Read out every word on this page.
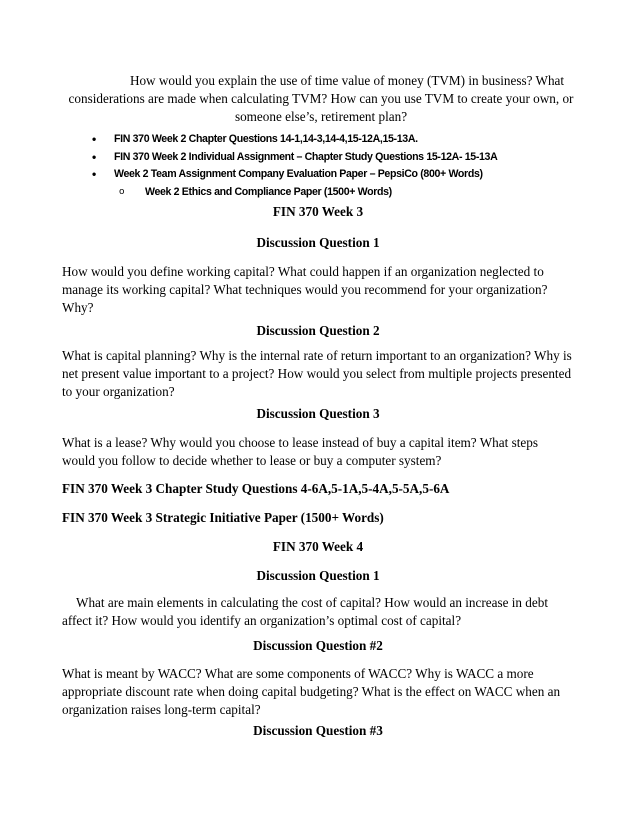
How would you explain the use of time value of money (TVM) in business? What considerations are made when calculating TVM? How can you use TVM to create your own, or someone else’s, retirement plan?

• FIN 370 Week 2 Chapter Questions 14-1,14-3,14-4,15-12A,15-13A.
• FIN 370 Week 2 Individual Assignment – Chapter Study Questions 15-12A- 15-13A
• Week 2 Team Assignment Company Evaluation Paper – PepsiCo (800+ Words)
o Week 2 Ethics and Compliance Paper (1500+ Words)

FIN 370 Week 3

Discussion Question 1

How would you define working capital? What could happen if an organization neglected to manage its working capital? What techniques would you recommend for your organization? Why?

Discussion Question 2

What is capital planning? Why is the internal rate of return important to an organization? Why is net present value important to a project? How would you select from multiple projects presented to your organization?

Discussion Question 3

What is a lease? Why would you choose to lease instead of buy a capital item? What steps would you follow to decide whether to lease or buy a computer system?

FIN 370 Week 3 Chapter Study Questions 4-6A,5-1A,5-4A,5-5A,5-6A

FIN 370 Week 3 Strategic Initiative Paper (1500+ Words)

FIN 370 Week 4

Discussion Question 1

What are main elements in calculating the cost of capital? How would an increase in debt affect it? How would you identify an organization’s optimal cost of capital?

Discussion Question #2

What is meant by WACC? What are some components of WACC? Why is WACC a more appropriate discount rate when doing capital budgeting? What is the effect on WACC when an organization raises long-term capital?

Discussion Question #3
